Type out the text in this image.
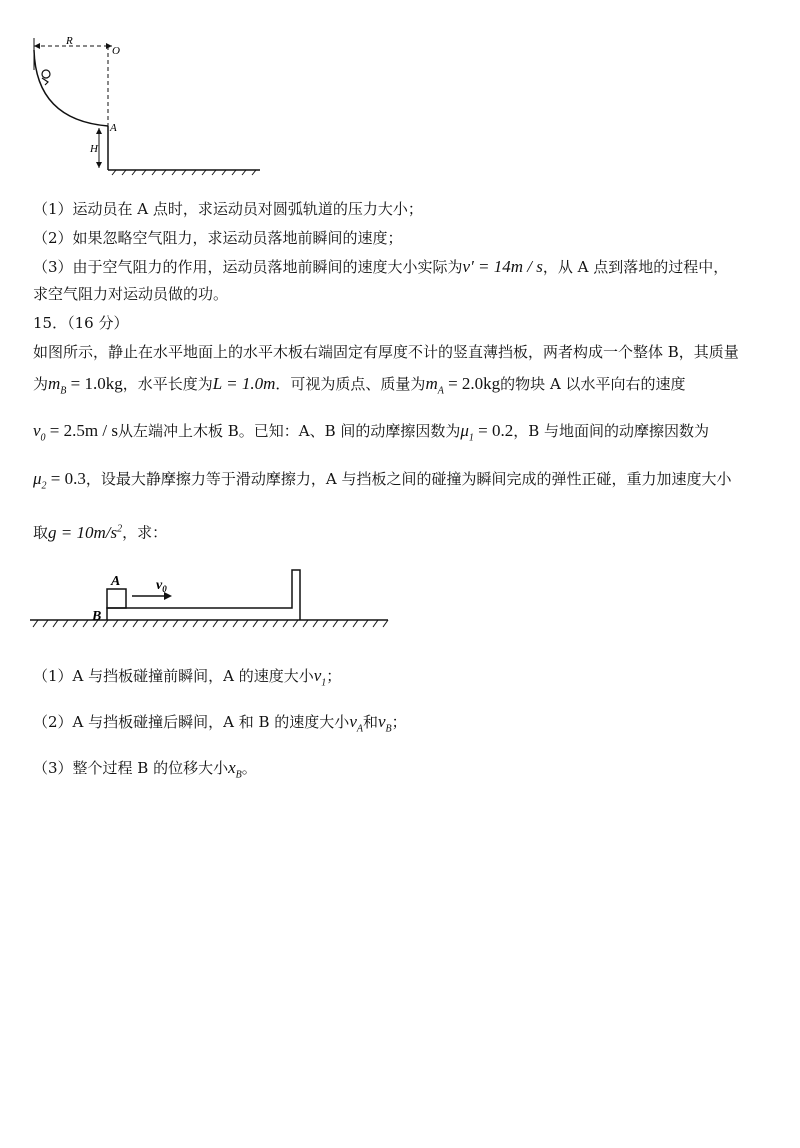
R
O
A
H
（1）运动员在 A 点时，求运动员对圆弧轨道的压力大小；
（2）如果忽略空气阻力，求运动员落地前瞬间的速度；
（3）由于空气阻力的作用，运动员落地前瞬间的速度大小实际为v′ = 14m / s，从 A 点到落地的过程中，
求空气阻力对运动员做的功。
15．（16 分）
如图所示，静止在水平地面上的水平木板右端固定有厚度不计的竖直薄挡板，两者构成一个整体 B，其质量
为$m_B = 1.0kg$，水平长度为L = 1.0m．可视为质点、质量为$m_A = 2.0kg$的物块 A 以水平向右的速度
$v_0 = 2.5m / s$从左端冲上木板 B。已知：A、B 间的动摩擦因数为$\mu_1 = 0.2$，B 与地面间的动摩擦因数为
$\mu_2 = 0.3$，设最大静摩擦力等于滑动摩擦力，A 与挡板之间的碰撞为瞬间完成的弹性正碰，重力加速度大小
取$g = 10m/s^2$，求：
A
B
$v_0$
（1）A 与挡板碰撞前瞬间，A 的速度大小$v_1$；
（2）A 与挡板碰撞后瞬间，A 和 B 的速度大小$v_A$和$v_B$；
（3）整个过程 B 的位移大小$x_B$。
